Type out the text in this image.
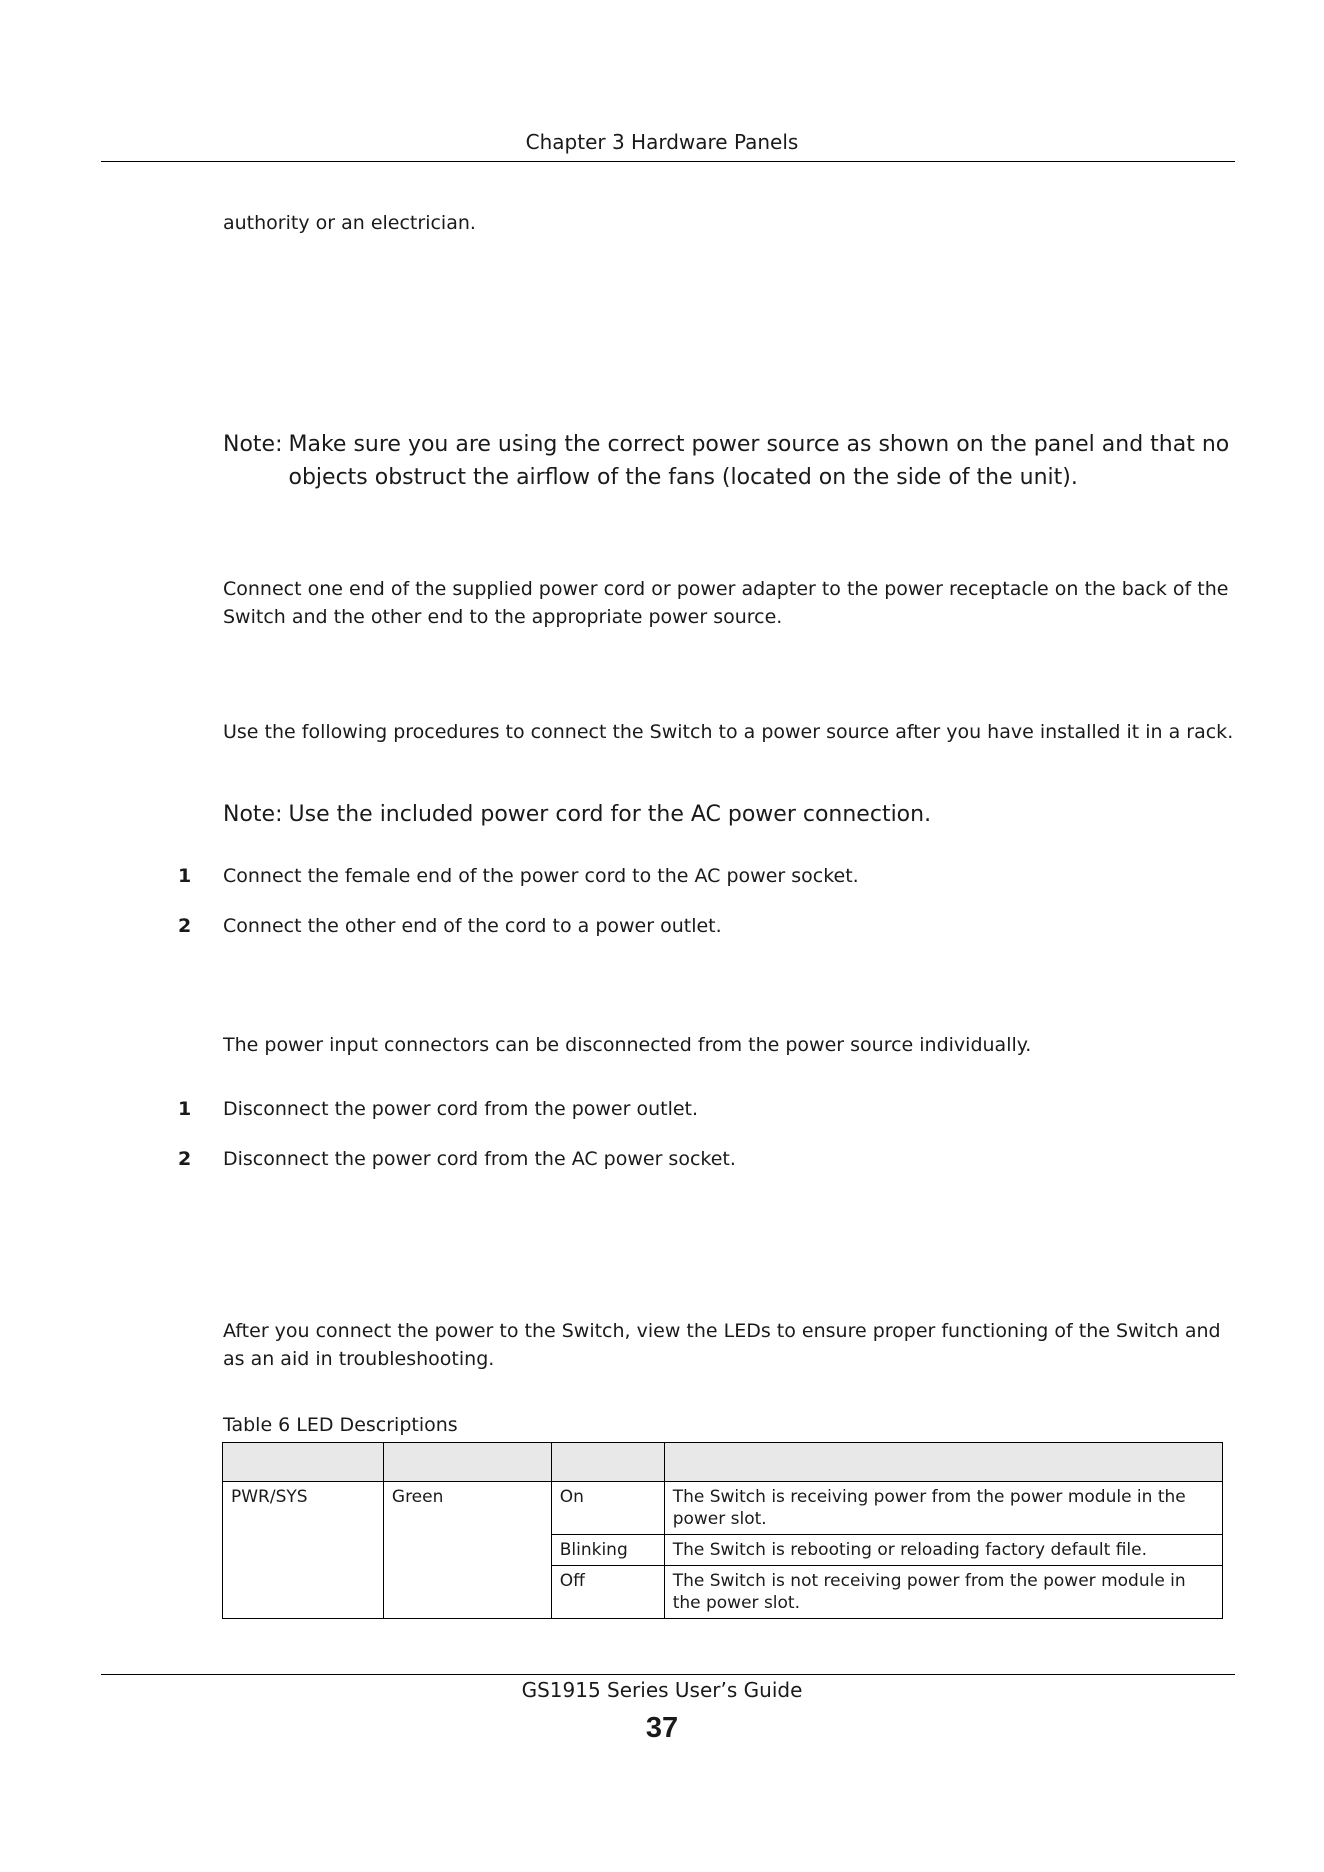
Chapter 3 Hardware Panels

authority or an electrician.

Note: Make sure you are using the correct power source as shown on the panel and that no objects obstruct the airflow of the fans (located on the side of the unit).

Connect one end of the supplied power cord or power adapter to the power receptacle on the back of the Switch and the other end to the appropriate power source.

Use the following procedures to connect the Switch to a power source after you have installed it in a rack.

Note: Use the included power cord for the AC power connection.
1	Connect the female end of the power cord to the AC power socket.
2	Connect the other end of the cord to a power outlet.

The power input connectors can be disconnected from the power source individually.

1	Disconnect the power cord from the power outlet.
2	Disconnect the power cord from the AC power socket.

After you connect the power to the Switch, view the LEDs to ensure proper functioning of the Switch and as an aid in troubleshooting.

Table 6 LED Descriptions

PWR/SYS	Green	On	The Switch is receiving power from the power module in the power slot.
		Blinking	The Switch is rebooting or reloading factory default file.
		Off	The Switch is not receiving power from the power module in the power slot.
GS1915 Series User’s Guide
37
